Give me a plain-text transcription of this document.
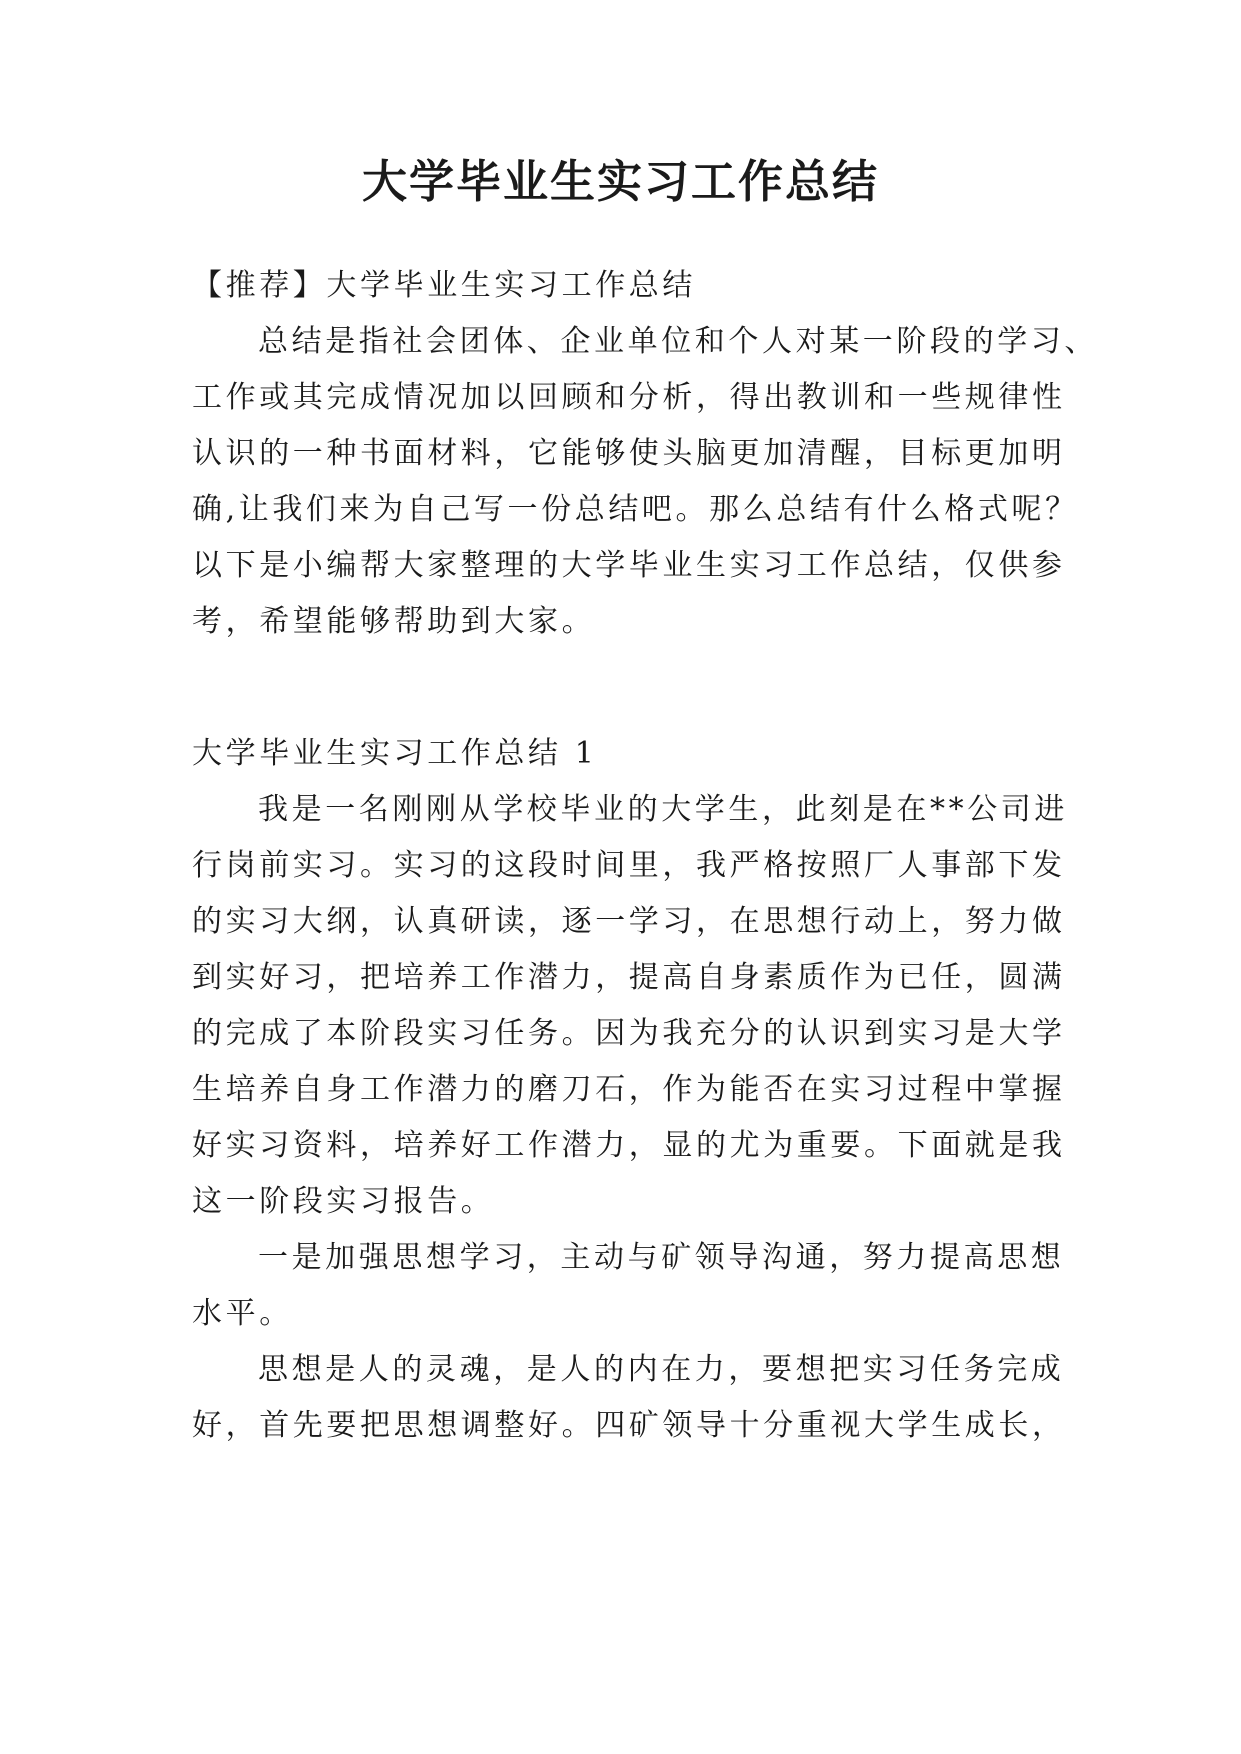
大学毕业生实习工作总结
【推荐】大学毕业生实习工作总结
总结是指社会团体、企业单位和个人对某一阶段的学习、
工作或其完成情况加以回顾和分析，得出教训和一些规律性
认识的一种书面材料，它能够使头脑更加清醒，目标更加明
确,让我们来为自己写一份总结吧。那么总结有什么格式呢？
以下是小编帮大家整理的大学毕业生实习工作总结，仅供参
考，希望能够帮助到大家。
大学毕业生实习工作总结 1
我是一名刚刚从学校毕业的大学生，此刻是在**公司进
行岗前实习。实习的这段时间里，我严格按照厂人事部下发
的实习大纲，认真研读，逐一学习，在思想行动上，努力做
到实好习，把培养工作潜力，提高自身素质作为已任，圆满
的完成了本阶段实习任务。因为我充分的认识到实习是大学
生培养自身工作潜力的磨刀石，作为能否在实习过程中掌握
好实习资料，培养好工作潜力，显的尤为重要。下面就是我
这一阶段实习报告。
一是加强思想学习，主动与矿领导沟通，努力提高思想
水平。
思想是人的灵魂，是人的内在力，要想把实习任务完成
好，首先要把思想调整好。四矿领导十分重视大学生成长，
